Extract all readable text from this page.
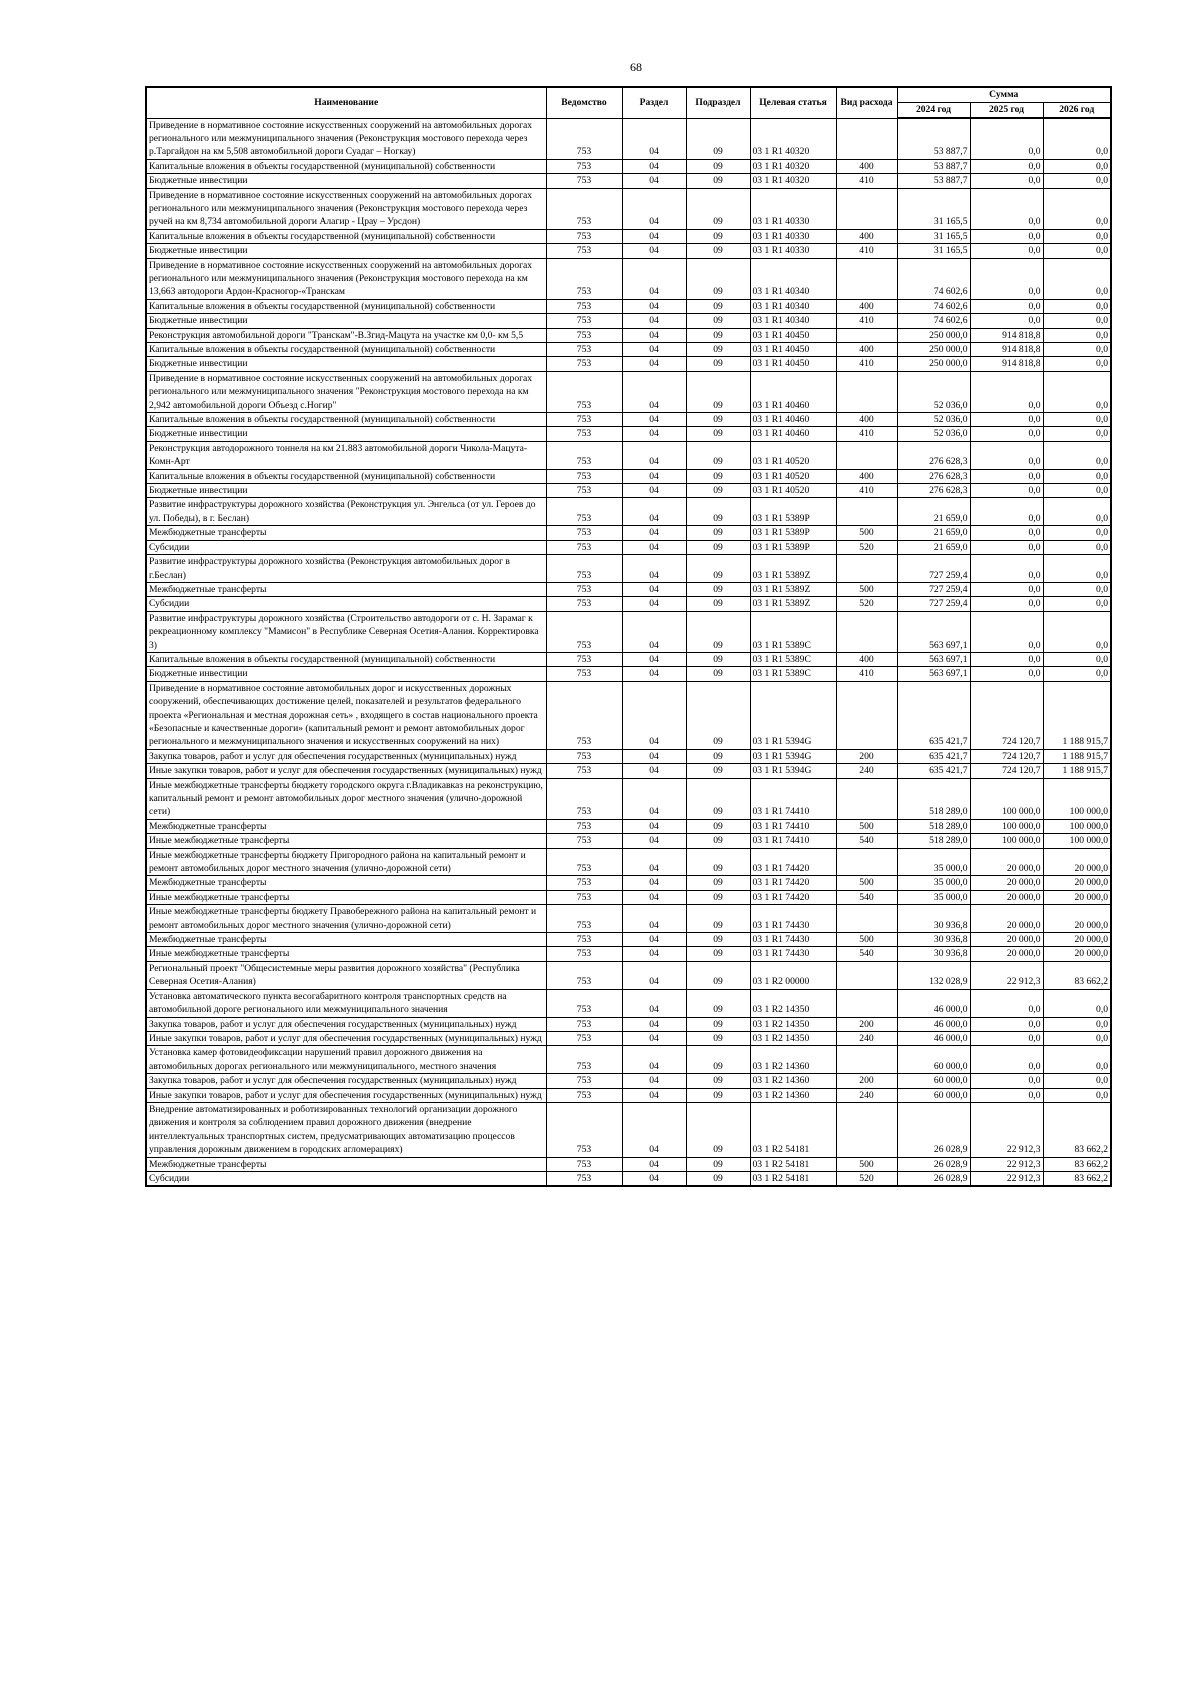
68
Наименование	Ведомство	Раздел	Подраздел	Целевая статья	Вид расхода	Сумма		
						2024 год	2025 год	2026 год
Приведение в нормативное состояние искусственных сооружений на автомобильных дорогах регионального или межмуниципального значения (Реконструкция мостового перехода через р.Таргайдон на км 5,508 автомобильной дороги Суадаг – Ногкау)	753	04	09	03 1 R1 40320		53 887,7	0,0	0,0
Капитальные вложения в объекты государственной (муниципальной) собственности	753	04	09	03 1 R1 40320	400	53 887,7	0,0	0,0
Бюджетные инвестиции	753	04	09	03 1 R1 40320	410	53 887,7	0,0	0,0
Приведение в нормативное состояние искусственных сооружений на автомобильных дорогах регионального или межмуниципального значения (Реконструкция мостового перехода через ручей на км 8,734 автомобильной дороги Алагир - Црау – Урсдон)	753	04	09	03 1 R1 40330		31 165,5	0,0	0,0
Капитальные вложения в объекты государственной (муниципальной) собственности	753	04	09	03 1 R1 40330	400	31 165,5	0,0	0,0
Бюджетные инвестиции	753	04	09	03 1 R1 40330	410	31 165,5	0,0	0,0
Приведение в нормативное состояние искусственных сооружений на автомобильных дорогах регионального или межмуниципального значения (Реконструкция мостового перехода на км 13,663 автодороги Ардон-Красногор-«Транскам	753	04	09	03 1 R1 40340		74 602,6	0,0	0,0
Капитальные вложения в объекты государственной (муниципальной) собственности	753	04	09	03 1 R1 40340	400	74 602,6	0,0	0,0
Бюджетные инвестиции	753	04	09	03 1 R1 40340	410	74 602,6	0,0	0,0
Реконструкция автомобильной дороги "Транскам"-В.Згид-Мацута на участке км 0,0- км 5,5	753	04	09	03 1 R1 40450		250 000,0	914 818,8	0,0
Капитальные вложения в объекты государственной (муниципальной) собственности	753	04	09	03 1 R1 40450	400	250 000,0	914 818,8	0,0
Бюджетные инвестиции	753	04	09	03 1 R1 40450	410	250 000,0	914 818,8	0,0
Приведение в нормативное состояние искусственных сооружений на автомобильных дорогах регионального или межмуниципального значения "Реконструкция мостового перехода на км 2,942 автомобильной дороги Объезд с.Ногир"	753	04	09	03 1 R1 40460		52 036,0	0,0	0,0
Капитальные вложения в объекты государственной (муниципальной) собственности	753	04	09	03 1 R1 40460	400	52 036,0	0,0	0,0
Бюджетные инвестиции	753	04	09	03 1 R1 40460	410	52 036,0	0,0	0,0
Реконструкция автодорожного тоннеля на км 21.883 автомобильной дороги Чикола-Мацута-Комн-Арт	753	04	09	03 1 R1 40520		276 628,3	0,0	0,0
Капитальные вложения в объекты государственной (муниципальной) собственности	753	04	09	03 1 R1 40520	400	276 628,3	0,0	0,0
Бюджетные инвестиции	753	04	09	03 1 R1 40520	410	276 628,3	0,0	0,0
Развитие инфраструктуры дорожного хозяйства (Реконструкция ул. Энгельса (от ул. Героев до ул. Победы), в г. Беслан)	753	04	09	03 1 R1 5389P		21 659,0	0,0	0,0
Межбюджетные трансферты	753	04	09	03 1 R1 5389P	500	21 659,0	0,0	0,0
Субсидии	753	04	09	03 1 R1 5389P	520	21 659,0	0,0	0,0
Развитие инфраструктуры дорожного хозяйства (Реконструкция автомобильных дорог в г.Беслан)	753	04	09	03 1 R1 5389Z		727 259,4	0,0	0,0
Межбюджетные трансферты	753	04	09	03 1 R1 5389Z	500	727 259,4	0,0	0,0
Субсидии	753	04	09	03 1 R1 5389Z	520	727 259,4	0,0	0,0
Развитие инфраструктуры дорожного хозяйства (Строительство автодороги от с. Н. Зарамаг к рекреационному комплексу "Мамисон" в Республике Северная Осетия-Алания. Корректировка 3)	753	04	09	03 1 R1 5389C		563 697,1	0,0	0,0
Капитальные вложения в объекты государственной (муниципальной) собственности	753	04	09	03 1 R1 5389C	400	563 697,1	0,0	0,0
Бюджетные инвестиции	753	04	09	03 1 R1 5389C	410	563 697,1	0,0	0,0
Приведение в нормативное состояние автомобильных дорог и искусственных дорожных сооружений, обеспечивающих достижение целей, показателей и результатов федерального проекта «Региональная и местная дорожная сеть» , входящего в состав национального проекта «Безопасные и качественные дороги» (капитальный ремонт и ремонт автомобильных дорог регионального и межмуниципального значения и искусственных сооружений на них)	753	04	09	03 1 R1 5394G		635 421,7	724 120,7	1 188 915,7
Закупка товаров, работ и услуг для обеспечения государственных (муниципальных) нужд	753	04	09	03 1 R1 5394G	200	635 421,7	724 120,7	1 188 915,7
Иные закупки товаров, работ и услуг для обеспечения государственных (муниципальных) нужд	753	04	09	03 1 R1 5394G	240	635 421,7	724 120,7	1 188 915,7
Иные межбюджетные трансферты бюджету городского округа г.Владикавказ на реконструкцию, капитальный ремонт и ремонт автомобильных дорог местного значения (улично-дорожной сети)	753	04	09	03 1 R1 74410		518 289,0	100 000,0	100 000,0
Межбюджетные трансферты	753	04	09	03 1 R1 74410	500	518 289,0	100 000,0	100 000,0
Иные межбюджетные трансферты	753	04	09	03 1 R1 74410	540	518 289,0	100 000,0	100 000,0
Иные межбюджетные трансферты бюджету Пригородного района на капитальный ремонт и ремонт автомобильных дорог местного значения (улично-дорожной сети)	753	04	09	03 1 R1 74420		35 000,0	20 000,0	20 000,0
Межбюджетные трансферты	753	04	09	03 1 R1 74420	500	35 000,0	20 000,0	20 000,0
Иные межбюджетные трансферты	753	04	09	03 1 R1 74420	540	35 000,0	20 000,0	20 000,0
Иные межбюджетные трансферты бюджету Правобережного района на капитальный ремонт и ремонт автомобильных дорог местного значения (улично-дорожной сети)	753	04	09	03 1 R1 74430		30 936,8	20 000,0	20 000,0
Межбюджетные трансферты	753	04	09	03 1 R1 74430	500	30 936,8	20 000,0	20 000,0
Иные межбюджетные трансферты	753	04	09	03 1 R1 74430	540	30 936,8	20 000,0	20 000,0
Региональный проект "Общесистемные меры развития дорожного хозяйства" (Республика Северная Осетия-Алания)	753	04	09	03 1 R2 00000		132 028,9	22 912,3	83 662,2
Установка автоматического пункта весогабаритного контроля транспортных средств на автомобильной дороге регионального или межмуниципального значения	753	04	09	03 1 R2 14350		46 000,0	0,0	0,0
Закупка товаров, работ и услуг для обеспечения государственных (муниципальных) нужд	753	04	09	03 1 R2 14350	200	46 000,0	0,0	0,0
Иные закупки товаров, работ и услуг для обеспечения государственных (муниципальных) нужд	753	04	09	03 1 R2 14350	240	46 000,0	0,0	0,0
Установка камер фотовидеофиксации нарушений правил дорожного движения на автомобильных дорогах регионального или межмуниципального, местного значения	753	04	09	03 1 R2 14360		60 000,0	0,0	0,0
Закупка товаров, работ и услуг для обеспечения государственных (муниципальных) нужд	753	04	09	03 1 R2 14360	200	60 000,0	0,0	0,0
Иные закупки товаров, работ и услуг для обеспечения государственных (муниципальных) нужд	753	04	09	03 1 R2 14360	240	60 000,0	0,0	0,0
Внедрение автоматизированных и роботизированных технологий организации дорожного движения и контроля за соблюдением правил дорожного движения (внедрение интеллектуальных транспортных систем, предусматривающих автоматизацию процессов управления дорожным движением в городских агломерациях)	753	04	09	03 1 R2 54181		26 028,9	22 912,3	83 662,2
Межбюджетные трансферты	753	04	09	03 1 R2 54181	500	26 028,9	22 912,3	83 662,2
Субсидии	753	04	09	03 1 R2 54181	520	26 028,9	22 912,3	83 662,2
